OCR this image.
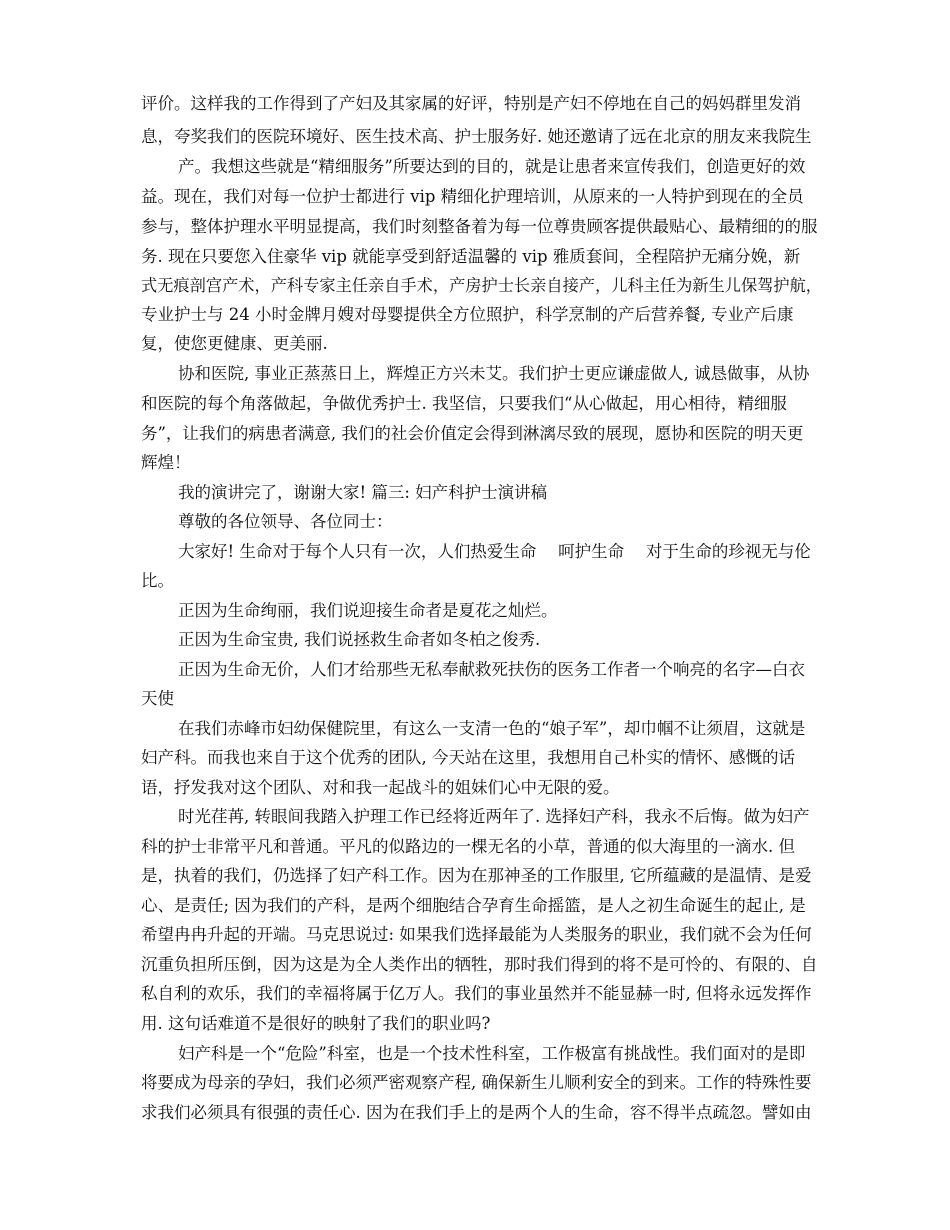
评价。这样我的工作得到了产妇及其家属的好评，特别是产妇不停地在自己的妈妈群里发消

息，夸奖我们的医院环境好、医生技术高、护士服务好. 她还邀请了远在北京的朋友来我院生

产。我想这些就是“精细服务”所要达到的目的，就是让患者来宣传我们，创造更好的效

益。现在，我们对每一位护士都进行 vip 精细化护理培训，从原来的一人特护到现在的全员

参与，整体护理水平明显提高，我们时刻整备着为每一位尊贵顾客提供最贴心、最精细的的服

务. 现在只要您入住豪华 vip 就能享受到舒适温馨的 vip 雅质套间，全程陪护无痛分娩，新

式无痕剖宫产术，产科专家主任亲自手术，产房护士长亲自接产，儿科主任为新生儿保驾护航，

专业护士与 24 小时金牌月嫂对母婴提供全方位照护，科学烹制的产后营养餐, 专业产后康

复，使您更健康、更美丽.

协和医院, 事业正蒸蒸日上，辉煌正方兴未艾。我们护士更应谦虚做人, 诚恳做事，从协

和医院的每个角落做起，争做优秀护士. 我坚信，只要我们“从心做起，用心相待，精细服

务”，让我们的病患者满意, 我们的社会价值定会得到淋漓尽致的展现，愿协和医院的明天更

辉煌！

我的演讲完了，谢谢大家! 篇三: 妇产科护士演讲稿

尊敬的各位领导、各位同士：

大家好! 生命对于每个人只有一次，人们热爱生命　 呵护生命　 对于生命的珍视无与伦

比。

正因为生命绚丽，我们说迎接生命者是夏花之灿烂。

正因为生命宝贵, 我们说拯救生命者如冬柏之俊秀.

正因为生命无价，人们才给那些无私奉献救死扶伤的医务工作者一个响亮的名字—白衣

天使

在我们赤峰市妇幼保健院里，有这么一支清一色的“娘子军”，却巾帼不让须眉，这就是

妇产科。而我也来自于这个优秀的团队, 今天站在这里，我想用自己朴实的情怀、感慨的话

语，抒发我对这个团队、对和我一起战斗的姐妹们心中无限的爱。

时光荏苒, 转眼间我踏入护理工作已经将近两年了. 选择妇产科，我永不后悔。做为妇产

科的护士非常平凡和普通。平凡的似路边的一棵无名的小草，普通的似大海里的一滴水. 但

是，执着的我们，仍选择了妇产科工作。因为在那神圣的工作服里, 它所蕴藏的是温情、是爱

心、是责任; 因为我们的产科，是两个细胞结合孕育生命摇篮，是人之初生命诞生的起止, 是

希望冉冉升起的开端。马克思说过: 如果我们选择最能为人类服务的职业，我们就不会为任何

沉重负担所压倒，因为这是为全人类作出的牺牲，那时我们得到的将不是可怜的、有限的、自

私自利的欢乐，我们的幸福将属于亿万人。我们的事业虽然并不能显赫一时, 但将永远发挥作

用. 这句话难道不是很好的映射了我们的职业吗?

妇产科是一个“危险”科室，也是一个技术性科室，工作极富有挑战性。我们面对的是即

将要成为母亲的孕妇，我们必须严密观察产程, 确保新生儿顺利安全的到来。工作的特殊性要

求我们必须具有很强的责任心. 因为在我们手上的是两个人的生命，容不得半点疏忽。譬如由
